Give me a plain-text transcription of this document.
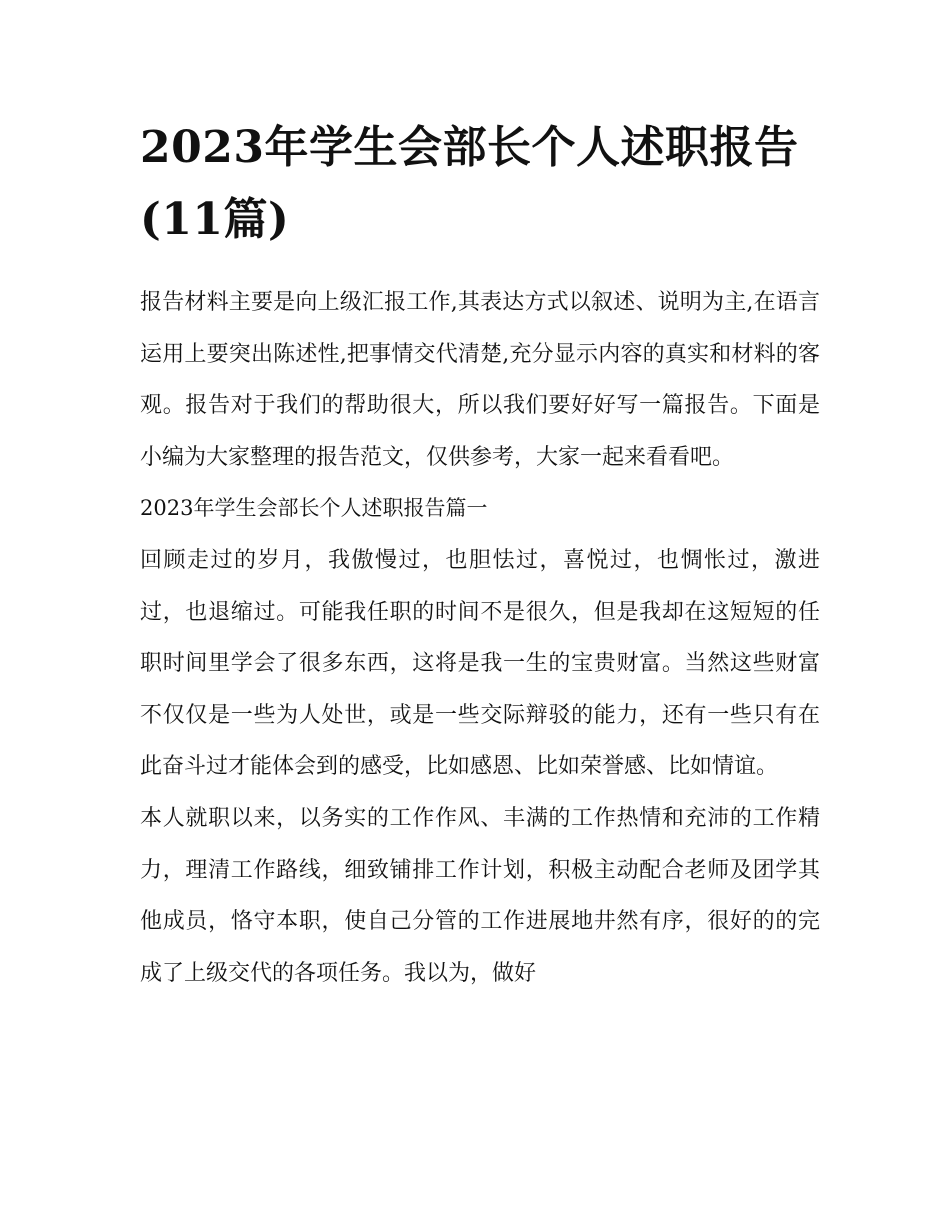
2023年学生会部长个人述职报告(11篇)

报告材料主要是向上级汇报工作,其表达方式以叙述、说明为主,在语言运用上要突出陈述性,把事情交代清楚,充分显示内容的真实和材料的客观。报告对于我们的帮助很大，所以我们要好好写一篇报告。下面是小编为大家整理的报告范文，仅供参考，大家一起来看看吧。

2023年学生会部长个人述职报告篇一

回顾走过的岁月，我傲慢过，也胆怯过，喜悦过，也惆怅过，激进过，也退缩过。可能我任职的时间不是很久，但是我却在这短短的任职时间里学会了很多东西，这将是我一生的宝贵财富。当然这些财富不仅仅是一些为人处世，或是一些交际辩驳的能力，还有一些只有在此奋斗过才能体会到的感受，比如感恩、比如荣誉感、比如情谊。

本人就职以来，以务实的工作作风、丰满的工作热情和充沛的工作精力，理清工作路线，细致铺排工作计划，积极主动配合老师及团学其他成员，恪守本职，使自己分管的工作进展地井然有序，很好的的完成了上级交代的各项任务。我以为，做好
